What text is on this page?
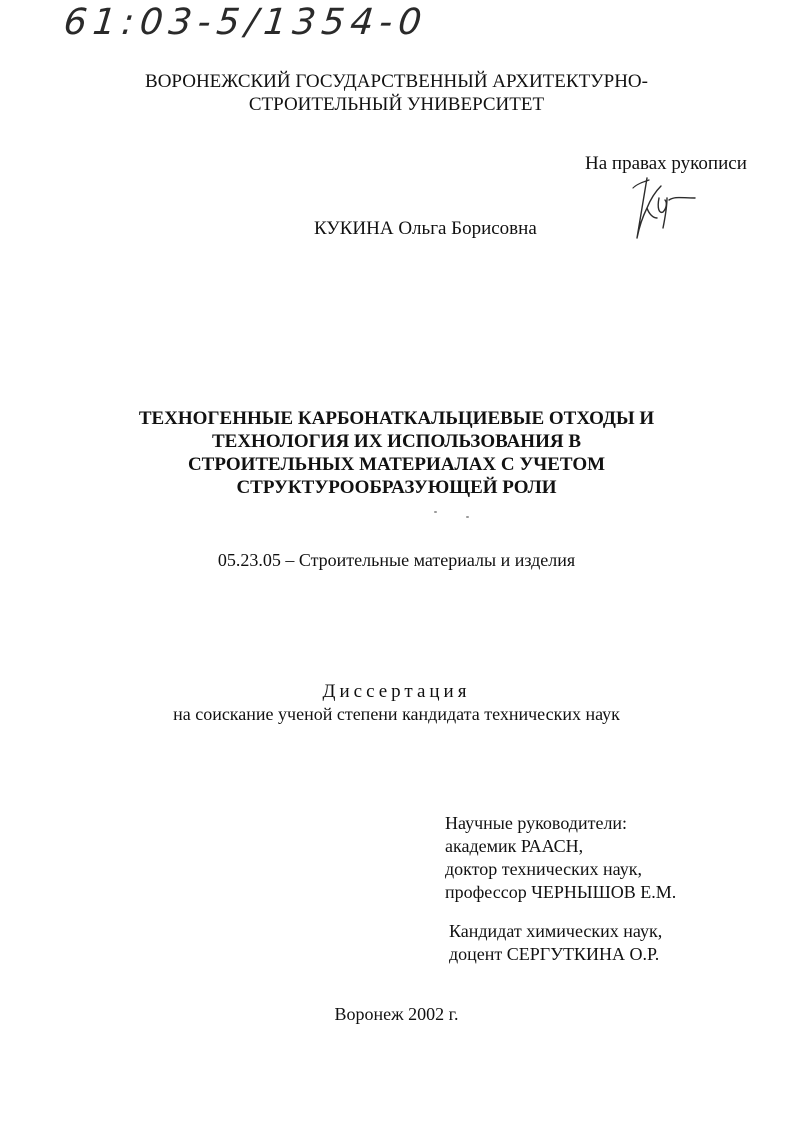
61:03-5/1354-0
ВОРОНЕЖСКИЙ ГОСУДАРСТВЕННЫЙ АРХИТЕКТУРНО-
СТРОИТЕЛЬНЫЙ УНИВЕРСИТЕТ
На правах рукописи
КУКИНА Ольга Борисовна
ТЕХНОГЕННЫЕ КАРБОНАТКАЛЬЦИЕВЫЕ ОТХОДЫ И
ТЕХНОЛОГИЯ ИХ ИСПОЛЬЗОВАНИЯ В
СТРОИТЕЛЬНЫХ МАТЕРИАЛАХ С УЧЕТОМ
СТРУКТУРООБРАЗУЮЩЕЙ РОЛИ
05.23.05 – Строительные материалы и изделия
Диссертация
на соискание ученой степени кандидата технических наук
Научные руководители:
академик РААСН,
доктор технических наук,
профессор ЧЕРНЫШОВ Е.М.
Кандидат химических наук,
доцент СЕРГУТКИНА О.Р.
Воронеж 2002 г.
